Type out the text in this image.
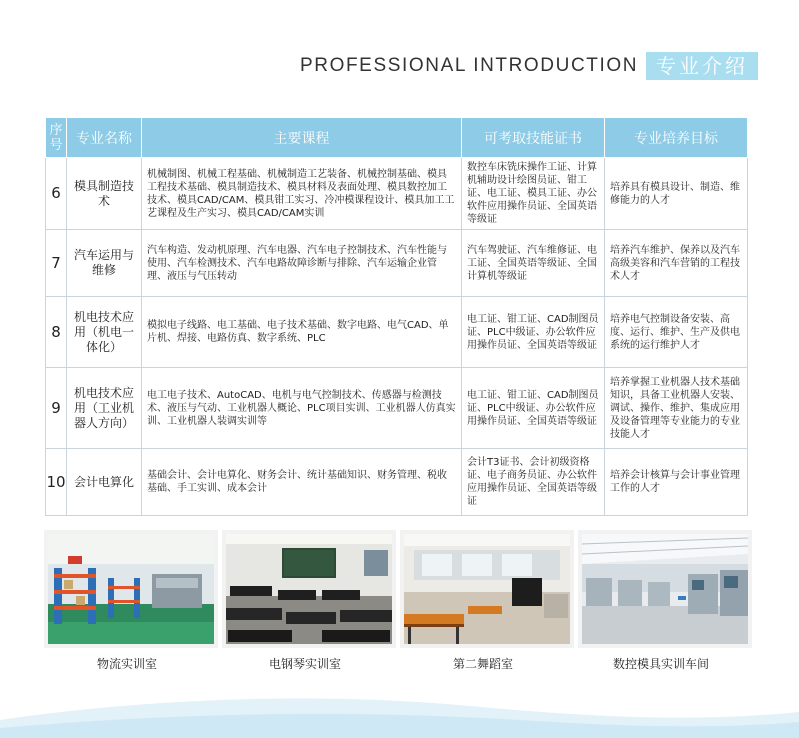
PROFESSIONAL INTRODUCTION 专业介绍
序号	专业名称	主要课程	可考取技能证书	专业培养目标
6	模具制造技术	机械制图、机械工程基础、机械制造工艺装备、机械控制基础、模具工程技术基础、模具制造技术、模具材料及表面处理、模具数控加工技术、模具CAD/CAM、模具钳工实习、冷冲模课程设计、模具加工工艺课程及生产实习、模具CAD/CAM实训	数控车床铣床操作工证、计算机辅助设计绘图员证、钳工证、电工证、模具工证、办公软件应用操作员证、全国英语等级证	培养具有模具设计、制造、维修能力的人才
7	汽车运用与维修	汽车构造、发动机原理、汽车电器、汽车电子控制技术、汽车性能与使用、汽车检测技术、汽车电路故障诊断与排除、汽车运输企业管理、液压与气压转动	汽车驾驶证、汽车维修证、电工证、全国英语等级证、全国计算机等级证	培养汽车维护、保养以及汽车高级美容和汽车营销的工程技术人才
8	机电技术应用（机电一体化）	模拟电子线路、电工基础、电子技术基础、数字电路、电气CAD、单片机、焊接、电路仿真、数字系统、PLC	电工证、钳工证、CAD制图员证、PLC中级证、办公软件应用操作员证、全国英语等级证	培养电气控制设备安装、高度、运行、维护、生产及供电系统的运行维护人才
9	机电技术应用（工业机器人方向）	电工电子技术、AutoCAD、电机与电气控制技术、传感器与检测技术、液压与气动、工业机器人概论、PLC项目实训、工业机器人仿真实训、工业机器人装调实训等	电工证、钳工证、CAD制图员证、PLC中级证、办公软件应用操作员证、全国英语等级证	培养掌握工业机器人技术基础知识，具备工业机器人安装、调试、操作、维护、集成应用及设备管理等专业能力的专业技能人才
10	会计电算化	基础会计、会计电算化、财务会计、统计基础知识、财务管理、税收基础、手工实训、成本会计	会计T3证书、会计初级资格证、电子商务员证、办公软件应用操作员证、全国英语等级证	培养会计核算与会计事业管理工作的人才
物流实训室	电钢琴实训室	第二舞蹈室	数控模具实训车间
